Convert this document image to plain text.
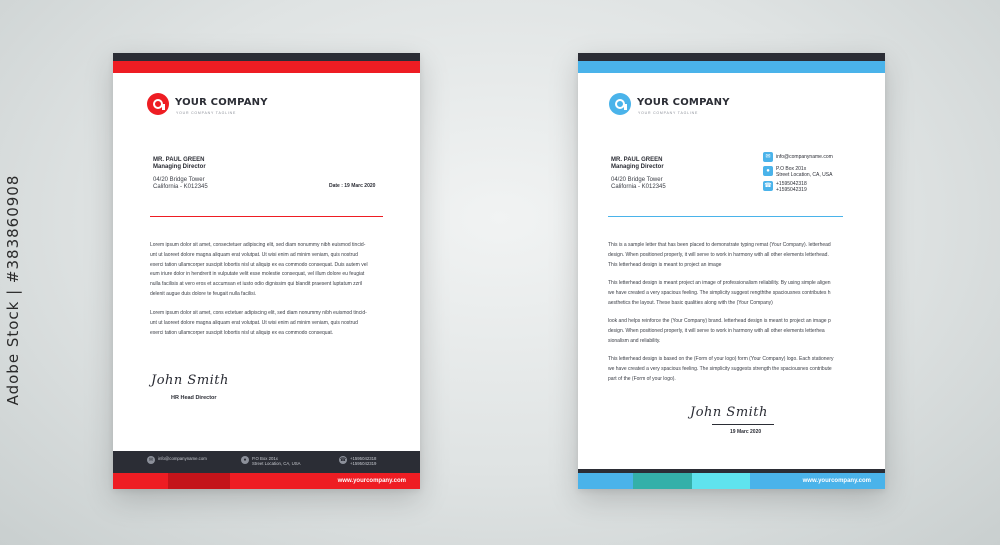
Adobe Stock | #383860908
YOUR COMPANY
YOUR COMPANY TAGLINE
MR. PAUL GREEN
Managing Director
04/20 Bridge Tower
California - K012345	Date : 19 Marc 2020
Lorem ipsum dolor sit amet, consectetuer adipiscing elit, sed diam nonummy nibh euismod tincid-
unt ut laoreet dolore magna aliquam erat volutpat. Ut wisi enim ad minim veniam, quis nostrud
exerci tation ullamcorper suscipit lobortis nisl ut aliquip ex ea commodo consequat. Duis autem vel
eum iriure dolor in hendrerit in vulputate velit esse molestie consequat, vel illum dolore eu feugiat
nulla facilisis at vero eros et accumsan et iusto odio dignissim qui blandit praesent luptatum zzril
delenit augue duis dolore te feugait nulla facilisi.
Lorem ipsum dolor sit amet, cons ectetuer adipiscing elit, sed diam nonummy nibh euismod tincid-
unt ut laoreet dolore magna aliquam erat volutpat. Ut wisi enim ad minim veniam, quis nostrud
exerci tation ullamcorper suscipit lobortis nisl ut aliquip ex ea commodo consequat.
John Smith
HR Head Director
✉	info@companyname.com	●	P.O Box 201x
Street Location, CA, USA
☎ +1595042318
+1595042319
www.yourcompany.com
YOUR COMPANY
YOUR COMPANY TAGLINE
MR. PAUL GREEN
Managing Director
04/20 Bridge Tower
California - K012345
✉	info@companyname.com
●	P.O Box 201x
Street Location, CA, USA
☎ +1595042318
+1595042319
This is a sample letter that has been placed to demonstrate typing remat (Your Company). letterhead
design. When positioned properly, it will serve to work in harmony with all other elements letterhead.
This letterhead design is meant to project an image
This letterhead design is meant project an image of professionalism reliability. By using simple aligen
we have created a very spacious feeling. The simplicity suggest rengththe spaciousnes contributes h
aesthetics the layout. These basic qualities along with the (Your Company)
look and helps reinforce the (Your Company) brand. letterhead design is meant to project an image p
design. When positioned properly, it will serve to work in harmony with all other elements letterhea
sionalism and reliability.
This letterhead design is based on the (Form of your logo) form (Your Company) logo. Each stationery
we have created a very spacious feeling. The simplicity suggests strength the spaciousnes contribute
part of the (Form of your logo).
John Smith
19 Marc 2020
www.yourcompany.com
